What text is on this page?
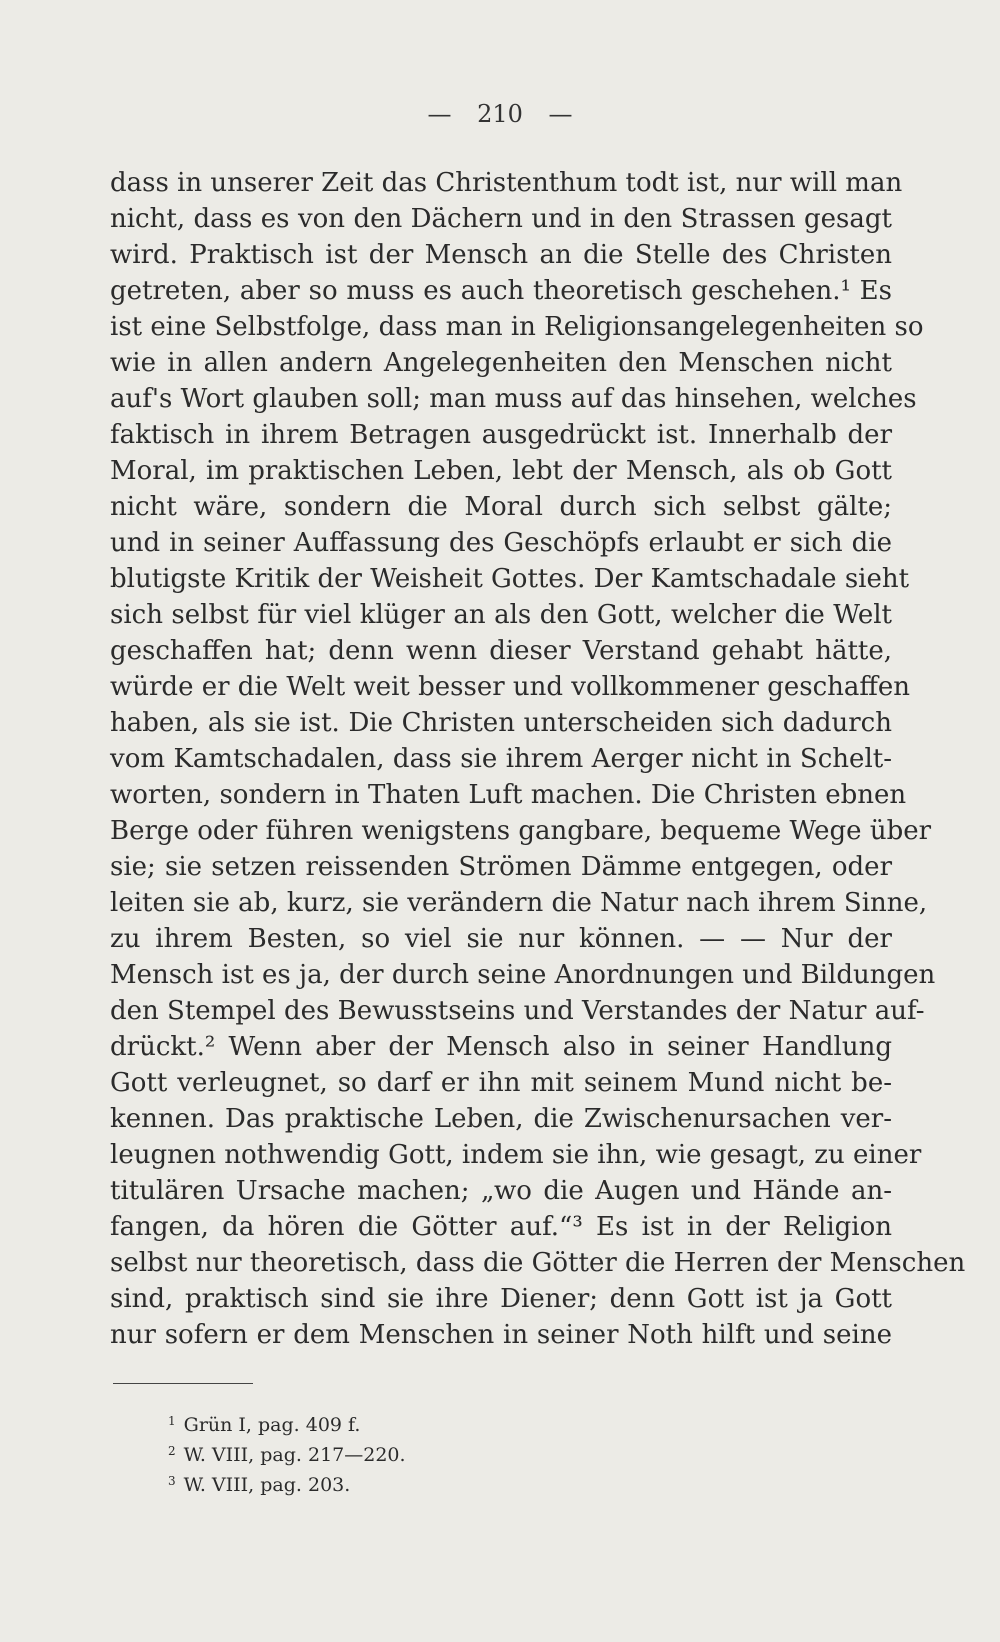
— 210 —
dass in unserer Zeit das Christenthum todt ist, nur will man
nicht, dass es von den Dächern und in den Strassen gesagt
wird. Praktisch ist der Mensch an die Stelle des Christen
getreten, aber so muss es auch theoretisch geschehen.¹ Es
ist eine Selbstfolge, dass man in Religionsangelegenheiten so
wie in allen andern Angelegenheiten den Menschen nicht
auf's Wort glauben soll; man muss auf das hinsehen, welches
faktisch in ihrem Betragen ausgedrückt ist. Innerhalb der
Moral, im praktischen Leben, lebt der Mensch, als ob Gott
nicht wäre, sondern die Moral durch sich selbst gälte;
und in seiner Auffassung des Geschöpfs erlaubt er sich die
blutigste Kritik der Weisheit Gottes. Der Kamtschadale sieht
sich selbst für viel klüger an als den Gott, welcher die Welt
geschaffen hat; denn wenn dieser Verstand gehabt hätte,
würde er die Welt weit besser und vollkommener geschaffen
haben, als sie ist. Die Christen unterscheiden sich dadurch
vom Kamtschadalen, dass sie ihrem Aerger nicht in Schelt-
worten, sondern in Thaten Luft machen. Die Christen ebnen
Berge oder führen wenigstens gangbare, bequeme Wege über
sie; sie setzen reissenden Strömen Dämme entgegen, oder
leiten sie ab, kurz, sie verändern die Natur nach ihrem Sinne,
zu ihrem Besten, so viel sie nur können. — — Nur der
Mensch ist es ja, der durch seine Anordnungen und Bildungen
den Stempel des Bewusstseins und Verstandes der Natur auf-
drückt.² Wenn aber der Mensch also in seiner Handlung
Gott verleugnet, so darf er ihn mit seinem Mund nicht be-
kennen. Das praktische Leben, die Zwischenursachen ver-
leugnen nothwendig Gott, indem sie ihn, wie gesagt, zu einer
titulären Ursache machen; „wo die Augen und Hände an-
fangen, da hören die Götter auf.“³ Es ist in der Religion
selbst nur theoretisch, dass die Götter die Herren der Menschen
sind, praktisch sind sie ihre Diener; denn Gott ist ja Gott
nur sofern er dem Menschen in seiner Noth hilft und seine
$^1$ Grün I, pag. 409 f.
$^2$ W. VIII, pag. 217—220.
$^3$ W. VIII, pag. 203.
